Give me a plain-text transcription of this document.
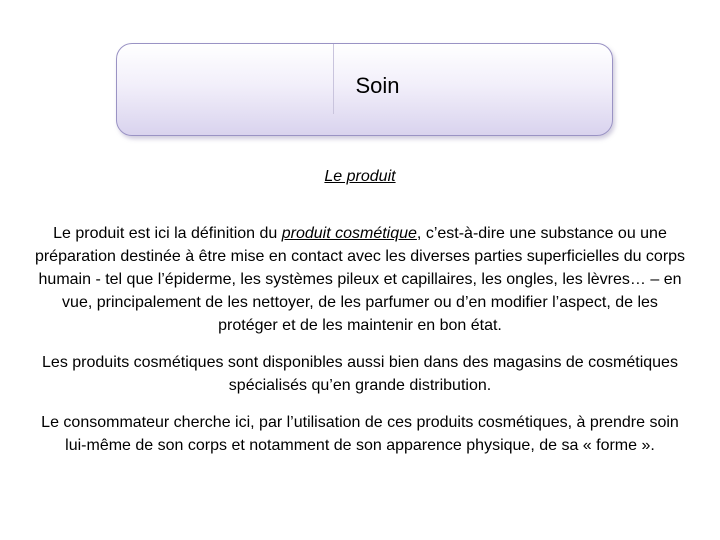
Soin
Le produit

Le produit est ici la définition du produit cosmétique, c’est-à-dire une substance ou une préparation destinée à être mise en contact avec les diverses parties superficielles du corps humain - tel que l’épiderme, les systèmes pileux et capillaires, les ongles, les lèvres… – en vue, principalement de les nettoyer, de les parfumer ou d’en modifier l’aspect, de les protéger et de les maintenir en bon état.

Les produits cosmétiques sont disponibles aussi bien dans des magasins de cosmétiques spécialisés qu’en grande distribution.

Le consommateur cherche ici, par l’utilisation de ces produits cosmétiques, à prendre soin lui-même de son corps et notamment de son apparence physique, de sa « forme ».
